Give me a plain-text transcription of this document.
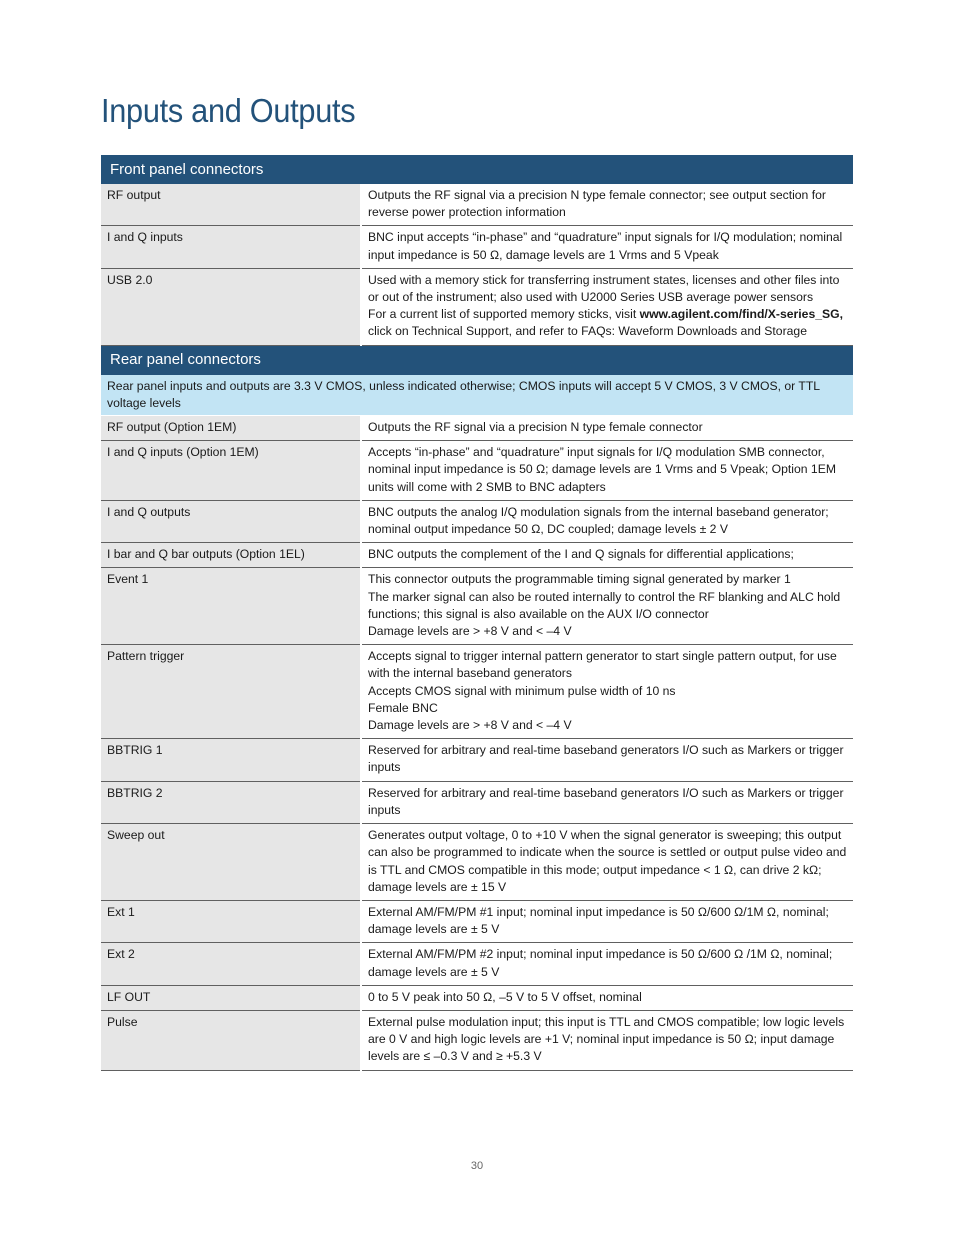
Inputs and Outputs
Front panel connectors	
RF output	Outputs the RF signal via a precision N type female connector; see output section for reverse power protection information

I and Q inputs	BNC input accepts “in-phase” and “quadrature” input signals for I/Q modulation; nominal input impedance is 50 Ω, damage levels are 1 Vrms and 5 Vpeak

USB 2.0	Used with a memory stick for transferring instrument states, licenses and other files into or out of the instrument; also used with U2000 Series USB average power sensors
For a current list of supported memory sticks, visit www.agilent.com/find/X-series_SG, click on Technical Support, and refer to FAQs: Waveform Downloads and Storage

Rear panel connectors	
Rear panel inputs and outputs are 3.3 V CMOS, unless indicated otherwise; CMOS inputs will accept 5 V CMOS, 3 V CMOS, or TTL voltage levels	
RF output (Option 1EM)	Outputs the RF signal via a precision N type female connector

I and Q inputs (Option 1EM)	Accepts “in-phase” and “quadrature” input signals for I/Q modulation SMB connector, nominal input impedance is 50 Ω; damage levels are 1 Vrms and 5 Vpeak; Option 1EM units will come with 2 SMB to BNC adapters

I and Q outputs	BNC outputs the analog I/Q modulation signals from the internal baseband generator; nominal output impedance 50 Ω, DC coupled; damage levels ± 2 V

I bar and Q bar outputs (Option 1EL)	BNC outputs the complement of the I and Q signals for differential applications;

Event 1	This connector outputs the programmable timing signal generated by marker 1
The marker signal can also be routed internally to control the RF blanking and ALC hold functions; this signal is also available on the AUX I/O connector
Damage levels are > +8 V and < –4 V

Pattern trigger	Accepts signal to trigger internal pattern generator to start single pattern output, for use with the internal baseband generators
Accepts CMOS signal with minimum pulse width of 10 ns
Female BNC
Damage levels are > +8 V and < –4 V

BBTRIG 1	Reserved for arbitrary and real-time baseband generators I/O such as Markers or trigger inputs

BBTRIG 2	Reserved for arbitrary and real-time baseband generators I/O such as Markers or trigger inputs

Sweep out	Generates output voltage, 0 to +10 V when the signal generator is sweeping; this output can also be programmed to indicate when the source is settled or output pulse video and is TTL and CMOS compatible in this mode; output impedance < 1 Ω, can drive 2 kΩ; damage levels are ± 15 V

Ext 1	External AM/FM/PM #1 input; nominal input impedance is 50 Ω/600 Ω/1M Ω, nominal; damage levels are ± 5 V

Ext 2	External AM/FM/PM #2 input; nominal input impedance is 50 Ω/600 Ω /1M Ω, nominal; damage levels are ± 5 V

LF OUT	0 to 5 V peak into 50 Ω, –5 V to 5 V offset, nominal

Pulse	External pulse modulation input; this input is TTL and CMOS compatible; low logic levels are 0 V and high logic levels are +1 V; nominal input impedance is 50 Ω; input damage levels are ≤ –0.3 V and ≥ +5.3 V
30
